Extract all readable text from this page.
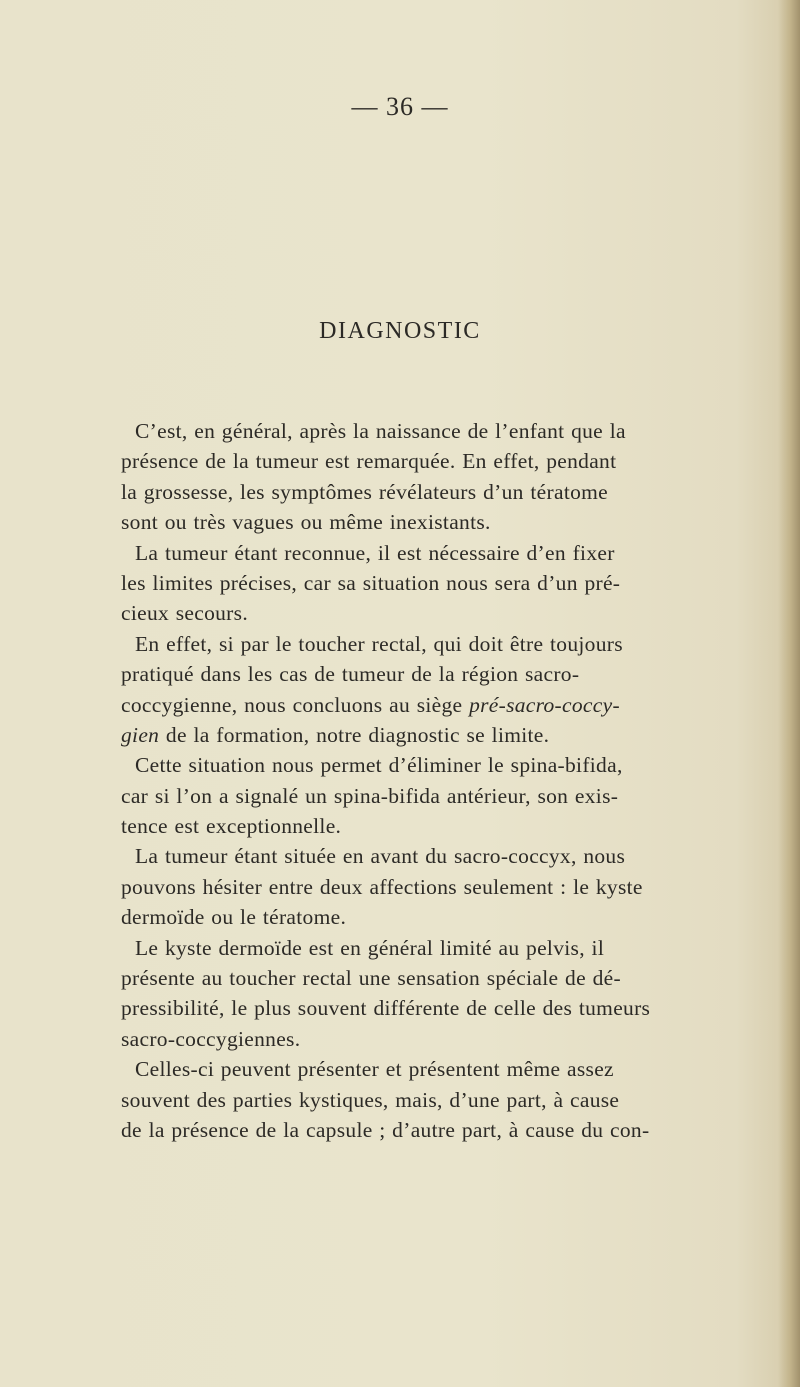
— 36 —
DIAGNOSTIC
C’est, en général, après la naissance de l’enfant que la
présence de la tumeur est remarquée. En effet, pendant
la grossesse, les symptômes révélateurs d’un tératome
sont ou très vagues ou même inexistants.
La tumeur étant reconnue, il est nécessaire d’en fixer
les limites précises, car sa situation nous sera d’un pré-
cieux secours.
En effet, si par le toucher rectal, qui doit être toujours
pratiqué dans les cas de tumeur de la région sacro-
coccygienne, nous concluons au siège pré-sacro-coccy-
gien de la formation, notre diagnostic se limite.
Cette situation nous permet d’éliminer le spina-bifida,
car si l’on a signalé un spina-bifida antérieur, son exis-
tence est exceptionnelle.
La tumeur étant située en avant du sacro-coccyx, nous
pouvons hésiter entre deux affections seulement : le kyste
dermoïde ou le tératome.
Le kyste dermoïde est en général limité au pelvis, il
présente au toucher rectal une sensation spéciale de dé-
pressibilité, le plus souvent différente de celle des tumeurs
sacro-coccygiennes.
Celles-ci peuvent présenter et présentent même assez
souvent des parties kystiques, mais, d’une part, à cause
de la présence de la capsule ; d’autre part, à cause du con-
